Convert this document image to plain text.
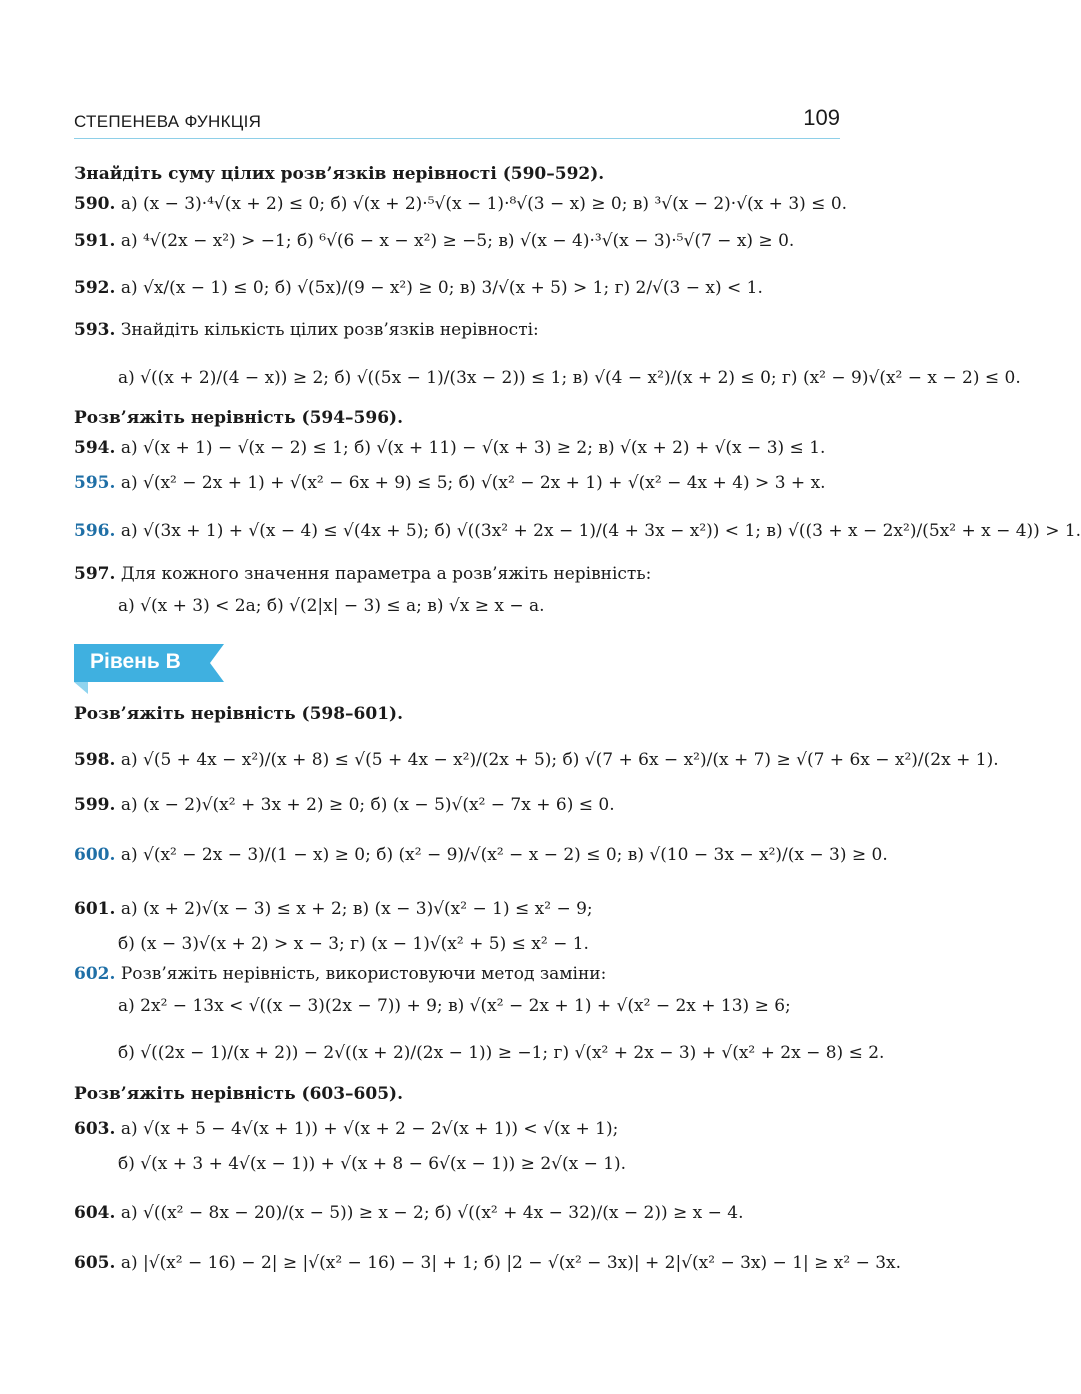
СТЕПЕНЕВА ФУНКЦІЯ	109
Знайдіть суму цілих розв’язків нерівності (590–592).
590. а) (x − 3)·⁴√(x + 2) ≤ 0; б) √(x + 2)·⁵√(x − 1)·⁸√(3 − x) ≥ 0; в) ³√(x − 2)·√(x + 3) ≤ 0.
591. а) ⁴√(2x − x²) > −1; б) ⁶√(6 − x − x²) ≥ −5; в) √(x − 4)·³√(x − 3)·⁵√(7 − x) ≥ 0.
592. а) √x/(x − 1) ≤ 0; б) √(5x)/(9 − x²) ≥ 0; в) 3/√(x + 5) > 1; г) 2/√(3 − x) < 1.
593. Знайдіть кількість цілих розв’язків нерівності:
а) √((x + 2)/(4 − x)) ≥ 2; б) √((5x − 1)/(3x − 2)) ≤ 1; в) √(4 − x²)/(x + 2) ≤ 0; г) (x² − 9)√(x² − x − 2) ≤ 0.
Розв’яжіть нерівність (594–596).
594. а) √(x + 1) − √(x − 2) ≤ 1; б) √(x + 11) − √(x + 3) ≥ 2; в) √(x + 2) + √(x − 3) ≤ 1.
595. а) √(x² − 2x + 1) + √(x² − 6x + 9) ≤ 5; б) √(x² − 2x + 1) + √(x² − 4x + 4) > 3 + x.
596. а) √(3x + 1) + √(x − 4) ≤ √(4x + 5); б) √((3x² + 2x − 1)/(4 + 3x − x²)) < 1; в) √((3 + x − 2x²)/(5x² + x − 4)) > 1.
597. Для кожного значення параметра a розв’яжіть нерівність:
а) √(x + 3) < 2a; б) √(2|x| − 3) ≤ a; в) √x ≥ x − a.
Рівень В
Розв’яжіть нерівність (598–601).
598. а) √(5 + 4x − x²)/(x + 8) ≤ √(5 + 4x − x²)/(2x + 5); б) √(7 + 6x − x²)/(x + 7) ≥ √(7 + 6x − x²)/(2x + 1).
599. а) (x − 2)√(x² + 3x + 2) ≥ 0; б) (x − 5)√(x² − 7x + 6) ≤ 0.
600. а) √(x² − 2x − 3)/(1 − x) ≥ 0; б) (x² − 9)/√(x² − x − 2) ≤ 0; в) √(10 − 3x − x²)/(x − 3) ≥ 0.
601. а) (x + 2)√(x − 3) ≤ x + 2; в) (x − 3)√(x² − 1) ≤ x² − 9;
б) (x − 3)√(x + 2) > x − 3; г) (x − 1)√(x² + 5) ≤ x² − 1.
602. Розв’яжіть нерівність, використовуючи метод заміни:
а) 2x² − 13x < √((x − 3)(2x − 7)) + 9; в) √(x² − 2x + 1) + √(x² − 2x + 13) ≥ 6;
б) √((2x − 1)/(x + 2)) − 2√((x + 2)/(2x − 1)) ≥ −1; г) √(x² + 2x − 3) + √(x² + 2x − 8) ≤ 2.
Розв’яжіть нерівність (603–605).
603. а) √(x + 5 − 4√(x + 1)) + √(x + 2 − 2√(x + 1)) < √(x + 1);
б) √(x + 3 + 4√(x − 1)) + √(x + 8 − 6√(x − 1)) ≥ 2√(x − 1).
604. а) √((x² − 8x − 20)/(x − 5)) ≥ x − 2; б) √((x² + 4x − 32)/(x − 2)) ≥ x − 4.
605. а) |√(x² − 16) − 2| ≥ |√(x² − 16) − 3| + 1; б) |2 − √(x² − 3x)| + 2|√(x² − 3x) − 1| ≥ x² − 3x.
